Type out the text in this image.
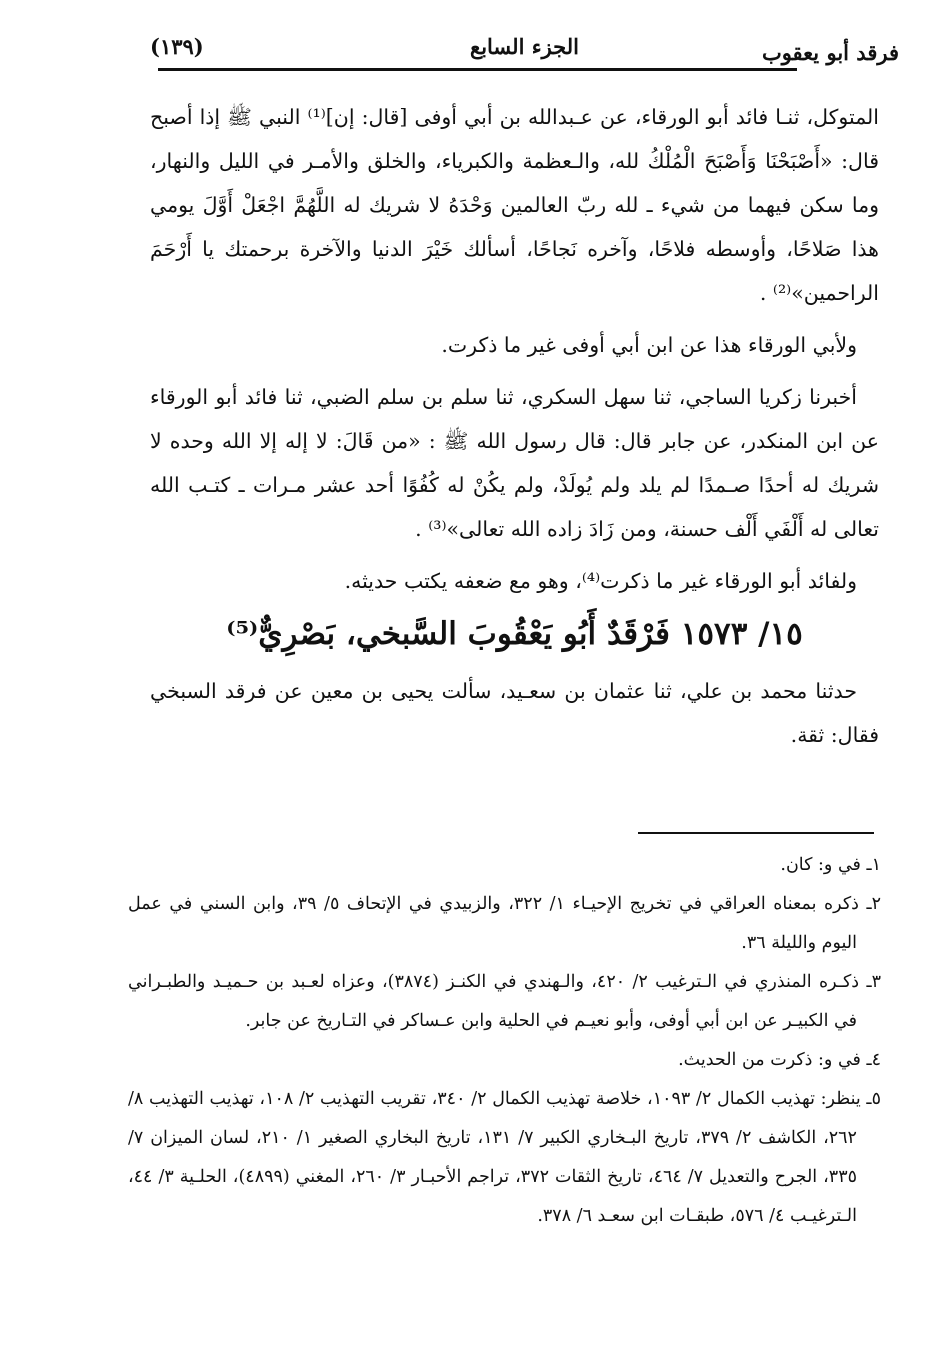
فرقد أبو يعقوب
الجزء السابع
(١٣٩)

المتوكل، ثنـا فائد أبو الورقاء، عن عـبدالله بن أبي أوفى [قال: إن]⁽¹⁾ النبي ﷺ إذا أصبح قال: «أَصْبَحْنَا وَأَصْبَحَ الْمُلْكُ لله، والـعظمة والكبرياء، والخلق والأمـر في الليل والنهار، وما سكن فيهما من شيء ـ لله ربّ العالمين وَحْدَهُ لا شريك له اللَّهُمَّ اجْعَلْ أَوَّلَ يومي هذا صَلاحًا، وأوسطه فلاحًا، وآخره نَجاحًا، أسألك خَيْرَ الدنيا والآخرة برحمتك يا أَرْحَمَ الراحمين»⁽²⁾ .

ولأبي الورقاء هذا عن ابن أبي أوفى غير ما ذكرت.

أخبرنا زكريا الساجي، ثنا سهل السكري، ثنا سلم بن سلم الضبي، ثنا فائد أبو الورقاء عن ابن المنكدر، عن جابر قال: قال رسول الله ﷺ : «من قَالَ: لا إله إلا الله وحده لا شريك له أحدًا صـمدًا لم يلد ولم يُولَدْ، ولم يكُنْ له كُفُوًا أحد عشر مـرات ـ كتـب الله تعالى له أَلْفَي أَلْف حسنة، ومن زَادَ زاده الله تعالى»⁽³⁾ .

ولفائد أبو الورقاء غير ما ذكرت⁽⁴⁾، وهو مع ضعفه يكتب حديثه.

١٥/ ١٥٧٣ فَرْقَدٌ أَبُو يَعْقُوبَ السَّبخي، بَصْرِيٌّ⁽⁵⁾

حدثنا محمد بن علي، ثنا عثمان بن سعـيد، سألت يحيى بن معين عن فرقد السبخي فقال: ثقة.

١ـ في و: كان.

٢ـ ذكره بمعناه العراقي في تخريج الإحيـاء ١/ ٣٢٢، والزبيدي في الإتحاف ٥/ ٣٩، وابن السني في عمل اليوم والليلة ٣٦.

٣ـ ذكـره المنذري في الـترغيب ٢/ ٤٢٠، والـهندي في الكنـز (٣٨٧٤)، وعزاه لعـبد بن حـميـد والطبـراني في الكبيـر عن ابن أبي أوفى، وأبو نعيـم في الحلية وابن عـساكر في التـاريخ عن جابر.

٤ـ في و: ذكرت من الحديث.

٥ـ ينظر: تهذيب الكمال ٢/ ١٠٩٣، خلاصة تهذيب الكمال ٢/ ٣٤٠، تقريب التهذيب ٢/ ١٠٨، تهذيب التهذيب ٨/ ٢٦٢، الكاشف ٢/ ٣٧٩، تاريخ البـخاري الكبير ٧/ ١٣١، تاريخ البخاري الصغير ١/ ٢١٠، لسان الميزان ٧/ ٣٣٥، الجرح والتعديل ٧/ ٤٦٤، تاريخ الثقات ٣٧٢، تراجم الأحبـار ٣/ ٢٦٠، المغني (٤٨٩٩)، الحلـية ٣/ ٤٤، الـترغيـب ٤/ ٥٧٦، طبقـات ابن سعـد ٦/ ٣٧٨.
